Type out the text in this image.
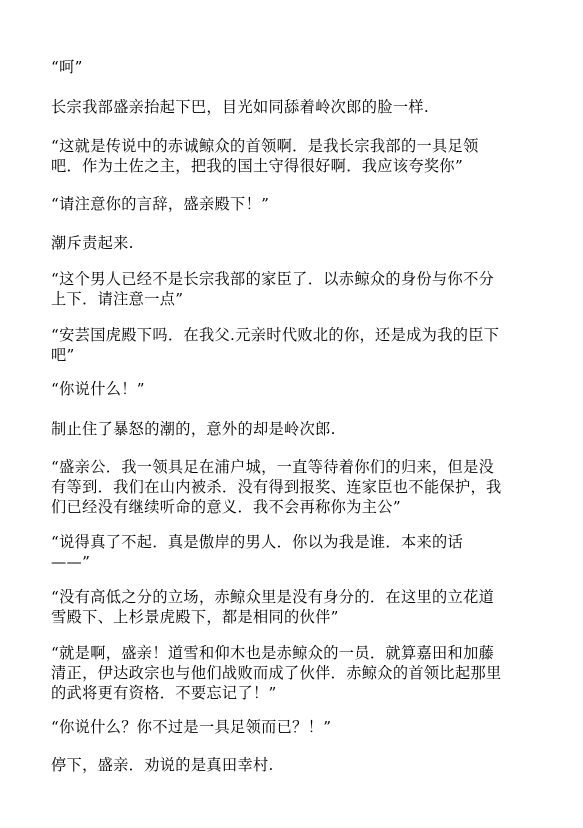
“呵”

长宗我部盛亲抬起下巴，目光如同舔着岭次郎的脸一样.

“这就是传说中的赤诚鲸众的首领啊．是我长宗我部的一具足领
吧．作为土佐之主，把我的国土守得很好啊．我应该夸奖你”

“请注意你的言辞，盛亲殿下！”

潮斥责起来.

“这个男人已经不是长宗我部的家臣了．以赤鲸众的身份与你不分
上下．请注意一点”

“安芸国虎殿下吗．在我父.元亲时代败北的你，还是成为我的臣下
吧”

“你说什么！”

制止住了暴怒的潮的，意外的却是岭次郎.

“盛亲公．我一领具足在浦户城，一直等待着你们的归来，但是没
有等到．我们在山内被杀．没有得到报奖、连家臣也不能保护，我
们已经没有继续听命的意义．我不会再称你为主公”

“说得真了不起．真是傲岸的男人．你以为我是谁．本来的话
——”

“没有高低之分的立场，赤鲸众里是没有身分的．在这里的立花道
雪殿下、上杉景虎殿下，都是相同的伙伴”

“就是啊，盛亲！道雪和仰木也是赤鲸众的一员．就算嘉田和加藤
清正，伊达政宗也与他们战败而成了伙伴．赤鲸众的首领比起那里
的武将更有资格．不要忘记了！”

“你说什么？你不过是一具足领而已？！”

停下，盛亲．劝说的是真田幸村.
